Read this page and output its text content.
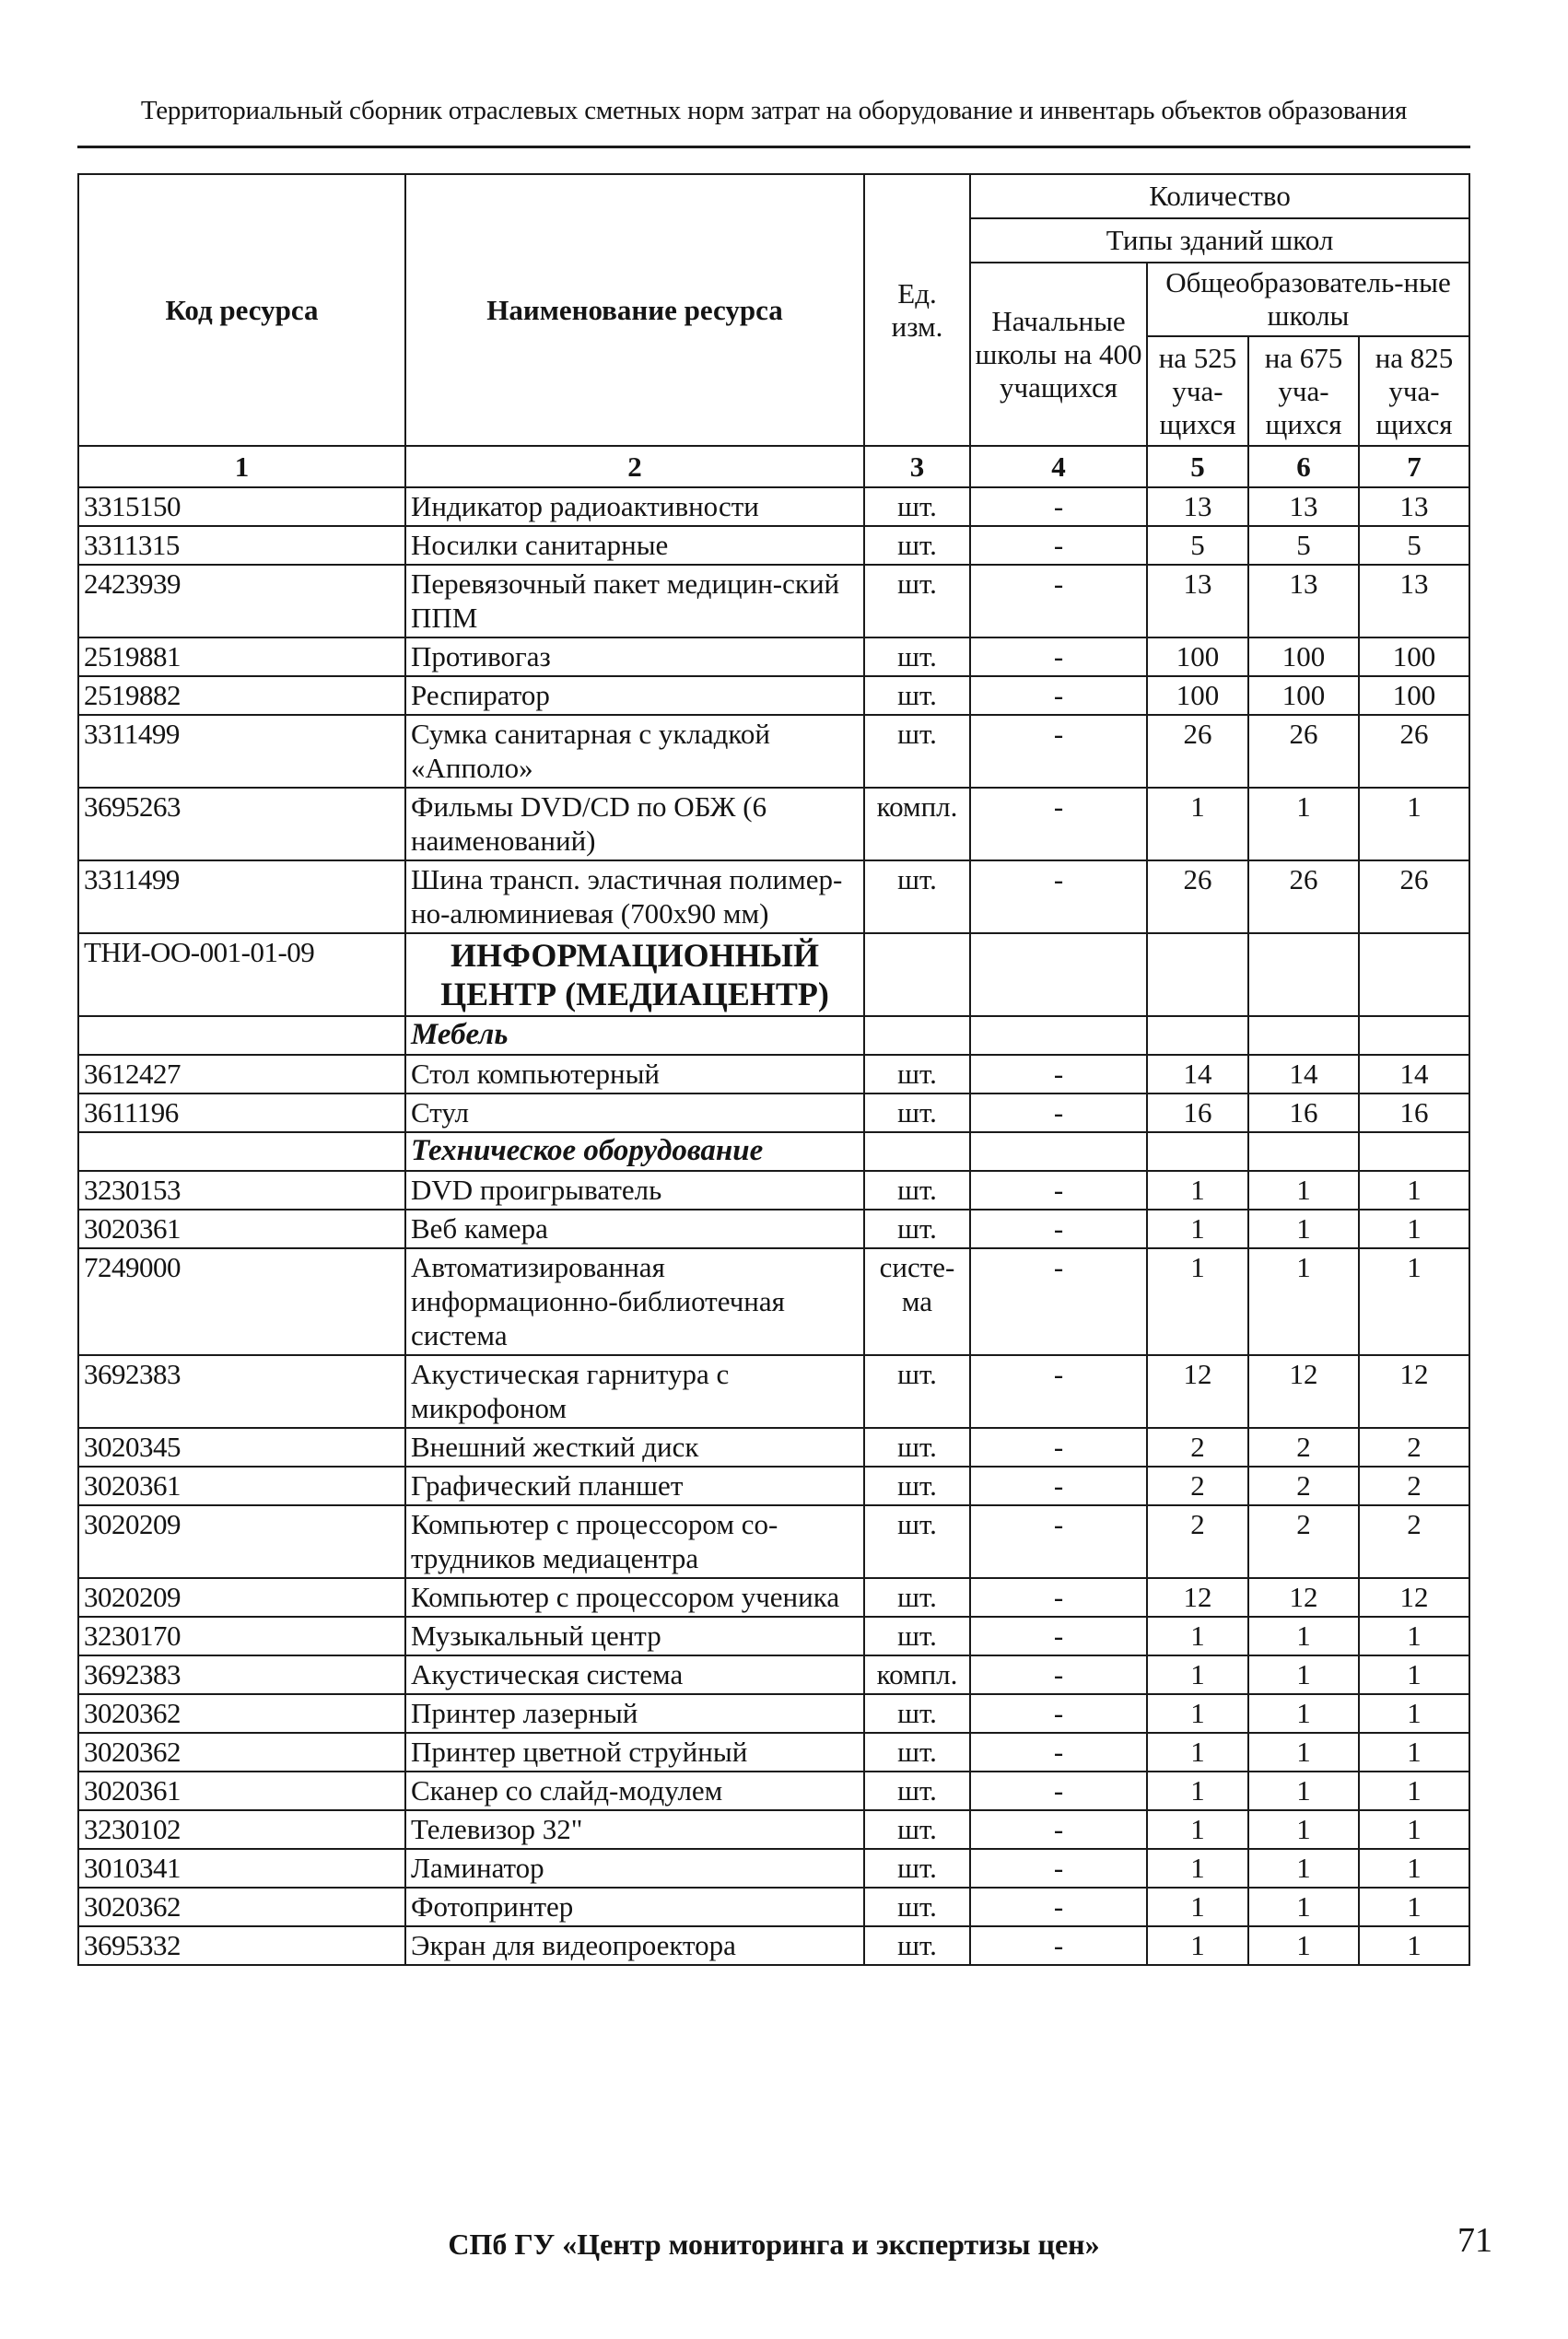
Территориальный сборник отраслевых сметных норм затрат на оборудование и инвентарь объектов образования
Код ресурса	Наименование ресурса	Ед. изм.	Количество			
			Типы зданий школ			
			Начальные школы на 400 учащихся	Общеобразователь-ные школы		
				на 525 уча-щихся	на 675 уча-щихся	на 825 уча-щихся
1	2	3	4	5	6	7
3315150	Индикатор радиоактивности	шт.	-	13	13	13
3311315	Носилки санитарные	шт.	-	5	5	5
2423939	Перевязочный пакет медицин-ский ППМ	шт.	-	13	13	13
2519881	Противогаз	шт.	-	100	100	100
2519882	Респиратор	шт.	-	100	100	100
3311499	Сумка санитарная с укладкой «Апполо»	шт.	-	26	26	26
3695263	Фильмы DVD/CD по ОБЖ (6 наименований)	компл.	-	1	1	1
3311499	Шина трансп. эластичная полимер-но-алюминиевая (700х90 мм)	шт.	-	26	26	26
ТНИ-ОО-001-01-09	ИНФОРМАЦИОННЫЙ ЦЕНТР (МЕДИАЦЕНТР)					
	Мебель					
3612427	Стол компьютерный	шт.	-	14	14	14
3611196	Стул	шт.	-	16	16	16
	Техническое оборудование					
3230153	DVD проигрыватель	шт.	-	1	1	1
3020361	Веб камера	шт.	-	1	1	1
7249000	Автоматизированная информационно-библиотечная система	систе-ма	-	1	1	1
3692383	Акустическая гарнитура с микрофоном	шт.	-	12	12	12
3020345	Внешний жесткий диск	шт.	-	2	2	2
3020361	Графический планшет	шт.	-	2	2	2
3020209	Компьютер с процессором со-трудников медиацентра	шт.	-	2	2	2
3020209	Компьютер с процессором ученика	шт.	-	12	12	12
3230170	Музыкальный центр	шт.	-	1	1	1
3692383	Акустическая система	компл.	-	1	1	1
3020362	Принтер лазерный	шт.	-	1	1	1
3020362	Принтер цветной струйный	шт.	-	1	1	1
3020361	Сканер со слайд-модулем	шт.	-	1	1	1
3230102	Телевизор 32"	шт.	-	1	1	1
3010341	Ламинатор	шт.	-	1	1	1
3020362	Фотопринтер	шт.	-	1	1	1
3695332	Экран для видеопроектора	шт.	-	1	1	1
СПб ГУ «Центр мониторинга и экспертизы цен»	71
